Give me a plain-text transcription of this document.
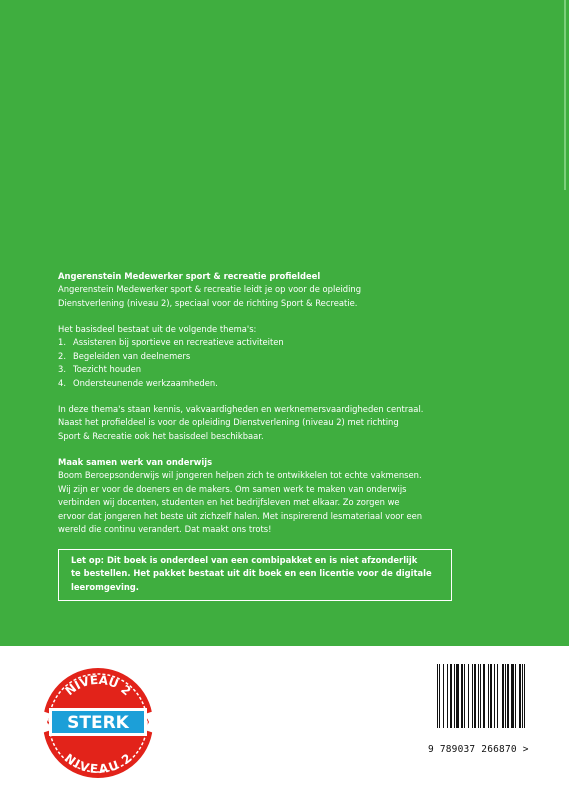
Angerenstein Medewerker sport & recreatie profieldeel

Angerenstein Medewerker sport & recreatie leidt je op voor de opleiding

Dienstverlening (niveau 2), speciaal voor de richting Sport & Recreatie.

Het basisdeel bestaat uit de volgende thema's:

1. Assisteren bij sportieve en recreatieve activiteiten
2. Begeleiden van deelnemers
3. Toezicht houden
4. Ondersteunende werkzaamheden.

In deze thema's staan kennis, vakvaardigheden en werknemersvaardigheden centraal.

Naast het profieldeel is voor de opleiding Dienstverlening (niveau 2) met richting

Sport & Recreatie ook het basisdeel beschikbaar.

Maak samen werk van onderwijs

Boom Beroepsonderwijs wil jongeren helpen zich te ontwikkelen tot echte vakmensen.

Wij zijn er voor de doeners en de makers. Om samen werk te maken van onderwijs

verbinden wij docenten, studenten en het bedrijfsleven met elkaar. Zo zorgen we

ervoor dat jongeren het beste uit zichzelf halen. Met inspirerend lesmateriaal voor een

wereld die continu verandert. Dat maakt ons trots!

Let op: Dit boek is onderdeel van een combipakket en is niet afzonderlijk

te bestellen. Het pakket bestaat uit dit boek en een licentie voor de digitale

leeromgeving.

NIVEAU 2
NIVEAU 2
STERK
9 789037 266870 >
